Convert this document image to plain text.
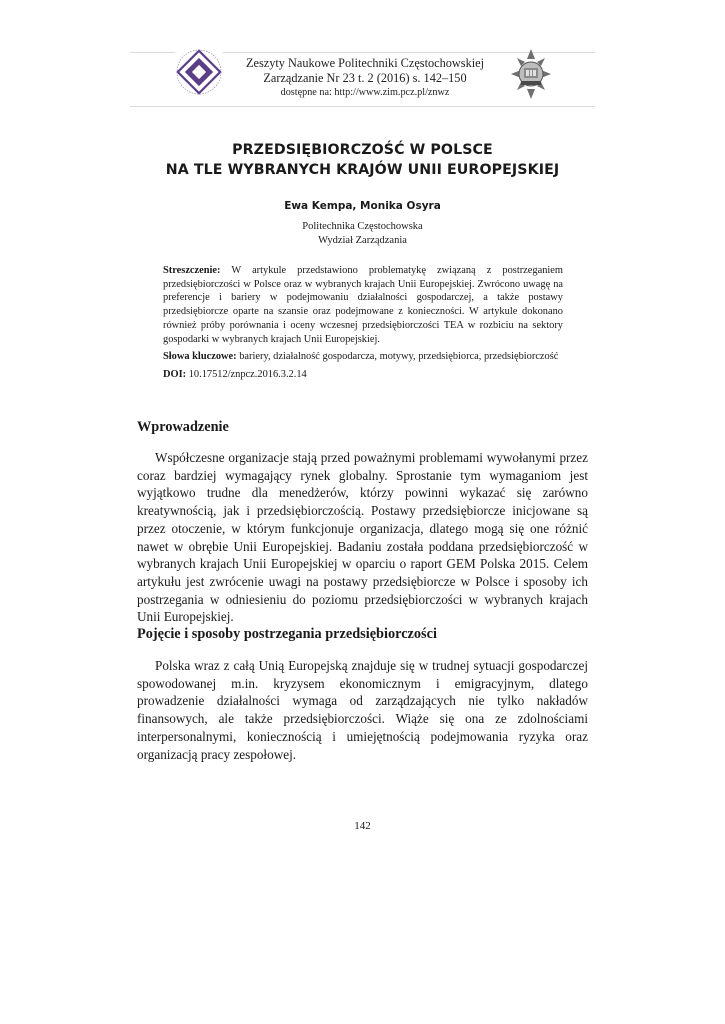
Zeszyty Naukowe Politechniki Częstochowskiej
Zarządzanie Nr 23 t. 2 (2016) s. 142–150
dostępne na: http://www.zim.pcz.pl/znwz
PRZEDSIĘBIORCZOŚĆ W POLSCE
NA TLE WYBRANYCH KRAJÓW UNII EUROPEJSKIEJ
Ewa Kempa, Monika Osyra
Politechnika Częstochowska
Wydział Zarządzania

Streszczenie: W artykule przedstawiono problematykę związaną z postrzeganiem przedsiębiorczości w Polsce oraz w wybranych krajach Unii Europejskiej. Zwrócono uwagę na preferencje i bariery w podejmowaniu działalności gospodarczej, a także postawy przedsiębiorcze oparte na szansie oraz podejmowane z konieczności. W artykule dokonano również próby porównania i oceny wczesnej przedsiębiorczości TEA w rozbiciu na sektory gospodarki w wybranych krajach Unii Europejskiej.

Słowa kluczowe: bariery, działalność gospodarcza, motywy, przedsiębiorca, przedsiębiorczość

DOI: 10.17512/znpcz.2016.3.2.14

Wprowadzenie

Współczesne organizacje stają przed poważnymi problemami wywołanymi przez coraz bardziej wymagający rynek globalny. Sprostanie tym wymaganiom jest wyjątkowo trudne dla menedżerów, którzy powinni wykazać się zarówno kreatywnością, jak i przedsiębiorczością. Postawy przedsiębiorcze inicjowane są przez otoczenie, w którym funkcjonuje organizacja, dlatego mogą się one różnić nawet w obrębie Unii Europejskiej. Badaniu została poddana przedsiębiorczość w wybranych krajach Unii Europejskiej w oparciu o raport GEM Polska 2015. Celem artykułu jest zwrócenie uwagi na postawy przedsiębiorcze w Polsce i sposoby ich postrzegania w odniesieniu do poziomu przedsiębiorczości w wybranych krajach Unii Europejskiej.

Pojęcie i sposoby postrzegania przedsiębiorczości

Polska wraz z całą Unią Europejską znajduje się w trudnej sytuacji gospodarczej spowodowanej m.in. kryzysem ekonomicznym i emigracyjnym, dlatego prowadzenie działalności wymaga od zarządzających nie tylko nakładów finansowych, ale także przedsiębiorczości. Wiąże się ona ze zdolnościami interpersonalnymi, koniecznością i umiejętnością podejmowania ryzyka oraz organizacją pracy zespołowej.

142
